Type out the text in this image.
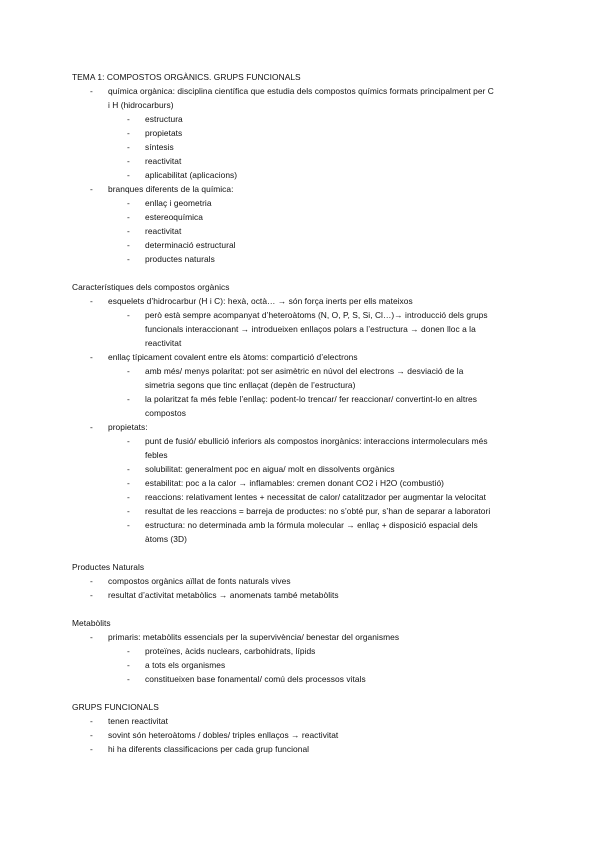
TEMA 1: COMPOSTOS ORGÀNICS. GRUPS FUNCIONALS
- química orgànica: disciplina científica que estudia dels compostos químics formats principalment per C
i H (hidrocarburs)
- estructura
- propietats
- síntesis
- reactivitat
- aplicabilitat (aplicacions)
- branques diferents de la química:
- enllaç i geometria
- estereoquímica
- reactivitat
- determinació estructural
- productes naturals
Característiques dels compostos orgànics
- esquelets d’hidrocarbur (H i C): hexà, octà… → són força inerts per ells mateixos
- però està sempre acompanyat d’heteroàtoms (N, O, P, S, Si, Cl…)→ introducció dels grups
funcionals interaccionant → introdueixen enllaços polars a l’estructura → donen lloc a la
reactivitat
- enllaç típicament covalent entre els àtoms: compartició d’electrons
- amb més/ menys polaritat: pot ser asimètric en núvol del electrons → desviació de la
simetria segons que tinc enllaçat (depèn de l’estructura)
- la polaritzat fa més feble l’enllaç: podent-lo trencar/ fer reaccionar/ convertint-lo en altres
compostos
- propietats:
- punt de fusió/ ebullició inferiors als compostos inorgànics: interaccions intermoleculars més
febles
- solubilitat: generalment poc en aigua/ molt en dissolvents orgànics
- estabilitat: poc a la calor → inflamables: cremen donant CO2 i H2O (combustió)
- reaccions: relativament lentes + necessitat de calor/ catalitzador per augmentar la velocitat
- resultat de les reaccions = barreja de productes: no s’obté pur, s’han de separar a laboratori
- estructura: no determinada amb la fórmula molecular → enllaç + disposició espacial dels
àtoms (3D)
Productes Naturals
- compostos orgànics aïllat de fonts naturals vives
- resultat d’activitat metabòlics → anomenats també metabòlits
Metabòlits
- primaris: metabòlits essencials per la supervivència/ benestar del organismes
- proteïnes, àcids nuclears, carbohidrats, lípids
- a tots els organismes
- constitueixen base fonamental/ comú dels processos vitals
GRUPS FUNCIONALS
- tenen reactivitat
- sovint són heteroàtoms / dobles/ triples enllaços → reactivitat
- hi ha diferents classificacions per cada grup funcional
